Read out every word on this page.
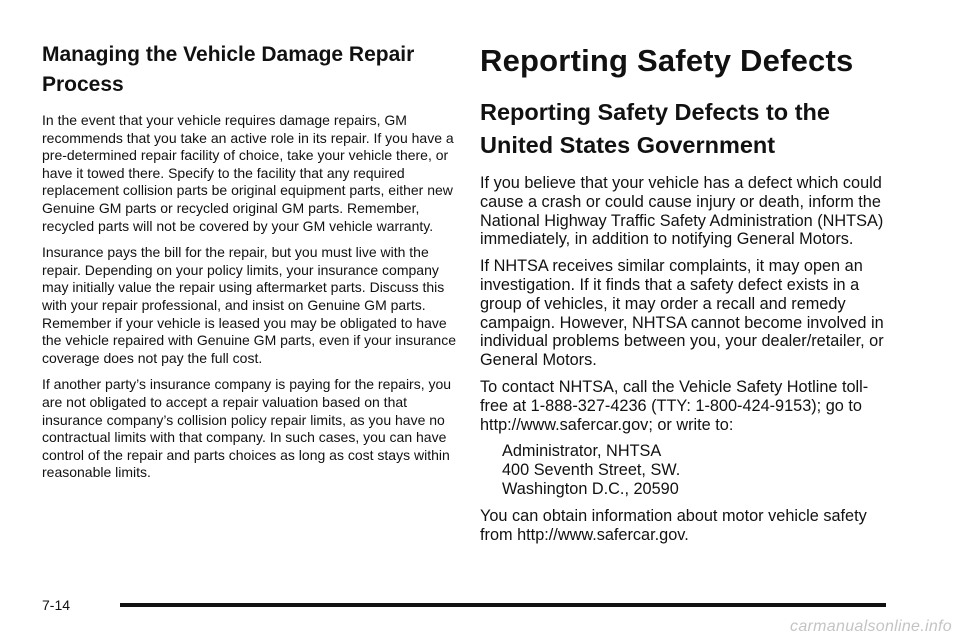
Managing the Vehicle Damage Repair Process

In the event that your vehicle requires damage repairs, GM recommends that you take an active role in its repair. If you have a pre-determined repair facility of choice, take your vehicle there, or have it towed there. Specify to the facility that any required replacement collision parts be original equipment parts, either new Genuine GM parts or recycled original GM parts. Remember, recycled parts will not be covered by your GM vehicle warranty.

Insurance pays the bill for the repair, but you must live with the repair. Depending on your policy limits, your insurance company may initially value the repair using aftermarket parts. Discuss this with your repair professional, and insist on Genuine GM parts. Remember if your vehicle is leased you may be obligated to have the vehicle repaired with Genuine GM parts, even if your insurance coverage does not pay the full cost.

If another party’s insurance company is paying for the repairs, you are not obligated to accept a repair valuation based on that insurance company’s collision policy repair limits, as you have no contractual limits with that company. In such cases, you can have control of the repair and parts choices as long as cost stays within reasonable limits.

Reporting Safety Defects
Reporting Safety Defects to the United States Government

If you believe that your vehicle has a defect which could cause a crash or could cause injury or death, inform the National Highway Traffic Safety Administration (NHTSA) immediately, in addition to notifying General Motors.

If NHTSA receives similar complaints, it may open an investigation. If it finds that a safety defect exists in a group of vehicles, it may order a recall and remedy campaign. However, NHTSA cannot become involved in individual problems between you, your dealer/retailer, or General Motors.

To contact NHTSA, call the Vehicle Safety Hotline toll-free at 1-888-327-4236 (TTY: 1-800-424-9153); go to http://www.safercar.gov; or write to:

Administrator, NHTSA
400 Seventh Street, SW.
Washington D.C., 20590

You can obtain information about motor vehicle safety from http://www.safercar.gov.

7-14
carmanualsonline.info
